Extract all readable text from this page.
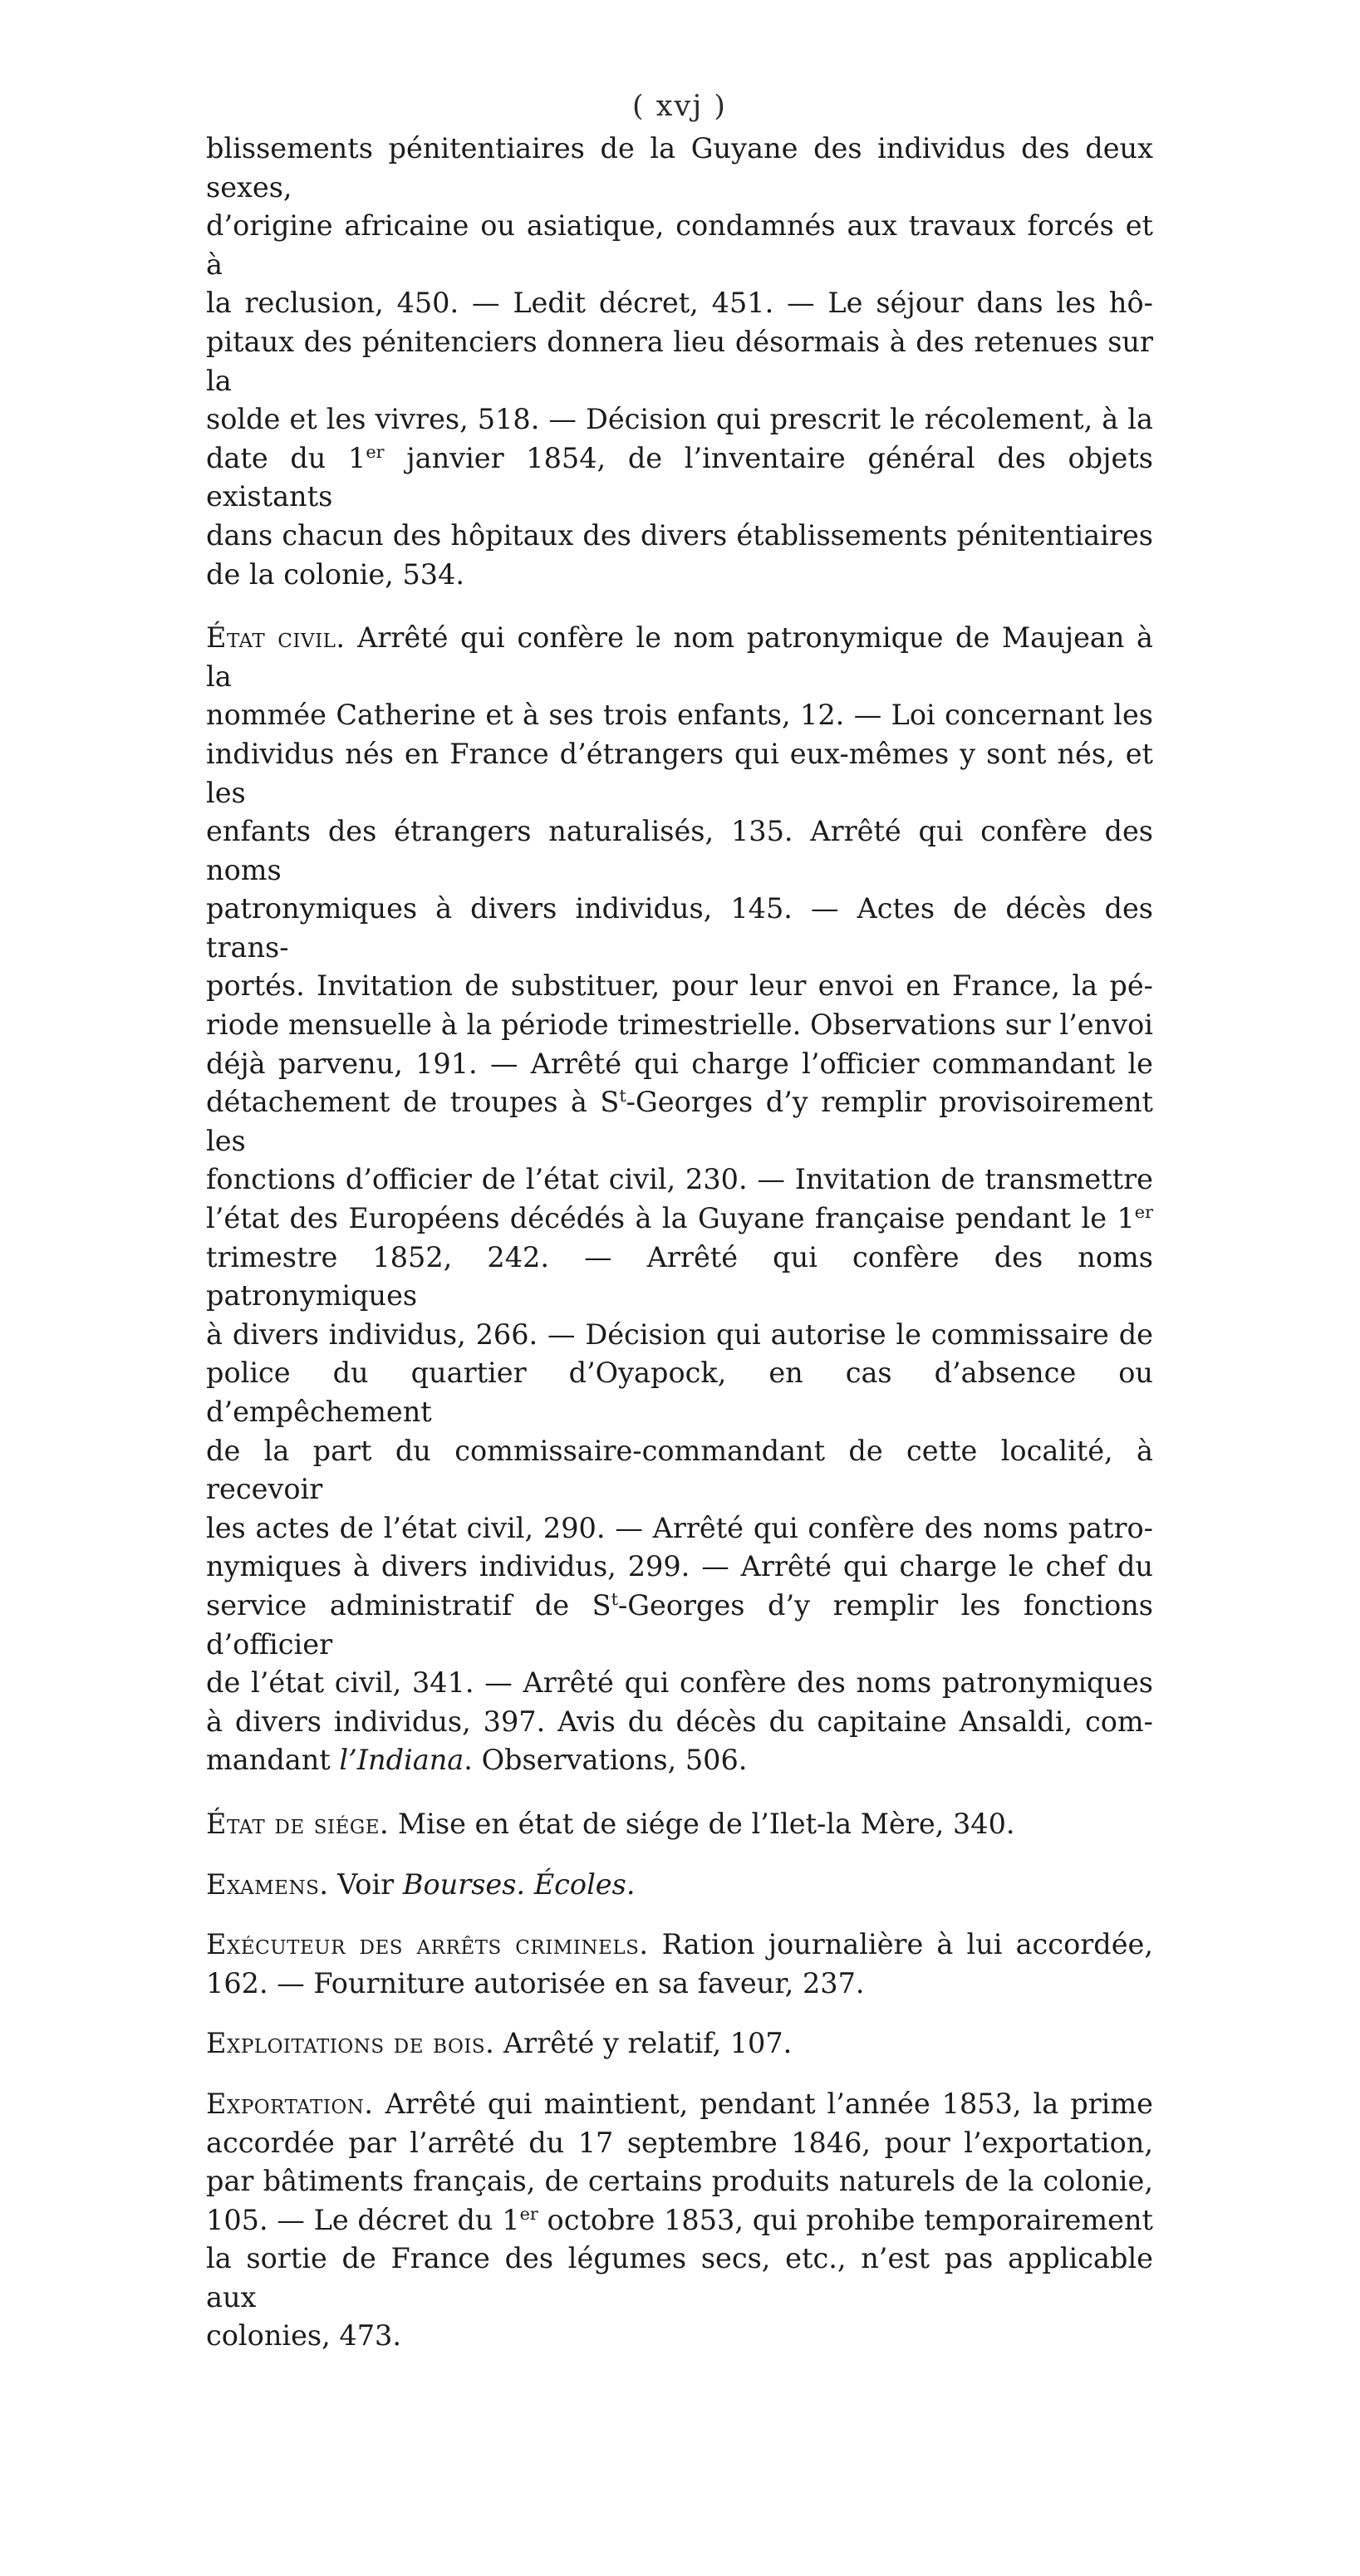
( xvj )

blissements pénitentiaires de la Guyane des individus des deux sexes,
d’origine africaine ou asiatique, condamnés aux travaux forcés et à
la reclusion, 450. — Ledit décret, 451. — Le séjour dans les hô-
pitaux des pénitenciers donnera lieu désormais à des retenues sur la
solde et les vivres, 518. — Décision qui prescrit le récolement, à la
date du 1er janvier 1854, de l’inventaire général des objets existants
dans chacun des hôpitaux des divers établissements pénitentiaires
de la colonie, 534.

État civil. Arrêté qui confère le nom patronymique de Maujean à la
nommée Catherine et à ses trois enfants, 12. — Loi concernant les
individus nés en France d’étrangers qui eux-mêmes y sont nés, et les
enfants des étrangers naturalisés, 135. Arrêté qui confère des noms
patronymiques à divers individus, 145. — Actes de décès des trans-
portés. Invitation de substituer, pour leur envoi en France, la pé-
riode mensuelle à la période trimestrielle. Observations sur l’envoi
déjà parvenu, 191. — Arrêté qui charge l’officier commandant le
détachement de troupes à $S^t$-Georges d’y remplir provisoirement les
fonctions d’officier de l’état civil, 230. — Invitation de transmettre
l’état des Européens décédés à la Guyane française pendant le 1er
trimestre 1852, 242. — Arrêté qui confère des noms patronymiques
à divers individus, 266. — Décision qui autorise le commissaire de
police du quartier d’Oyapock, en cas d’absence ou d’empêchement
de la part du commissaire-commandant de cette localité, à recevoir
les actes de l’état civil, 290. — Arrêté qui confère des noms patro-
nymiques à divers individus, 299. — Arrêté qui charge le chef du
service administratif de $S^t$-Georges d’y remplir les fonctions d’officier
de l’état civil, 341. — Arrêté qui confère des noms patronymiques
à divers individus, 397. Avis du décès du capitaine Ansaldi, com-
mandant l’Indiana. Observations, 506.

État de siége. Mise en état de siége de l’Ilet-la Mère, 340.

Examens. Voir Bourses. Écoles.

Exécuteur des arrêts criminels. Ration journalière à lui accordée,
162. — Fourniture autorisée en sa faveur, 237.

Exploitations de bois. Arrêté y relatif, 107.

Exportation. Arrêté qui maintient, pendant l’année 1853, la prime
accordée par l’arrêté du 17 septembre 1846, pour l’exportation,
par bâtiments français, de certains produits naturels de la colonie,
105. — Le décret du 1er octobre 1853, qui prohibe temporairement
la sortie de France des légumes secs, etc., n’est pas applicable aux
colonies, 473.
